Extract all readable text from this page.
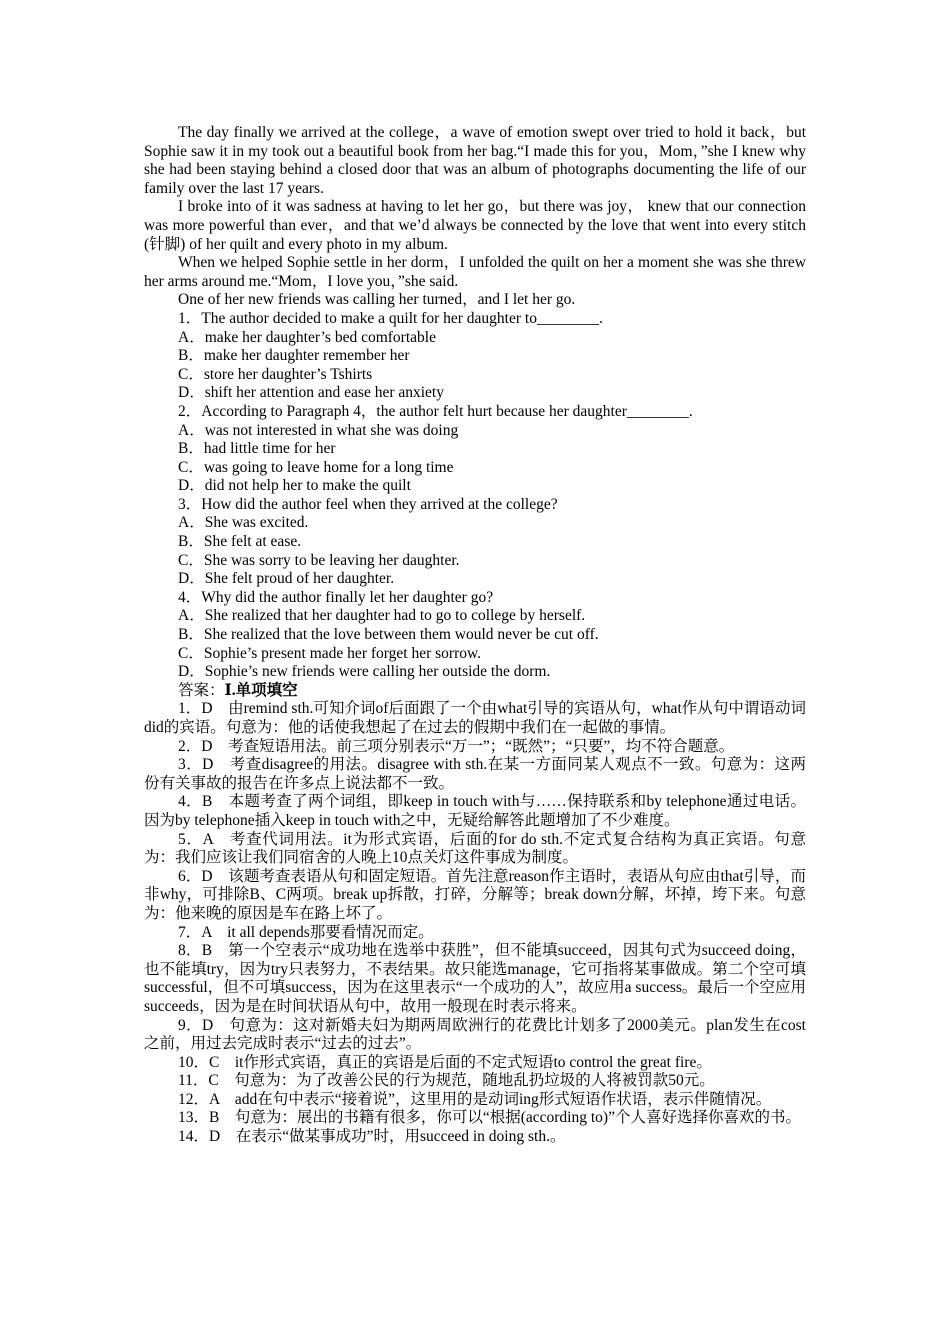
The day finally we arrived at the college，a wave of emotion swept over tried to hold it back，but Sophie saw it in my took out a beautiful book from her bag.“I made this for you，Mom，”she I knew why she had been staying behind a closed door that was an album of photographs documenting the life of our family over the last 17 years.

I broke into of it was sadness at having to let her go，but there was joy， knew that our connection was more powerful than ever，and that we’d always be connected by the love that went into every stitch (针脚) of her quilt and every photo in my album.

When we helped Sophie settle in her dorm，I unfolded the quilt on her a moment she was she threw her arms around me.“Mom，I love you，”she said.

One of her new friends was calling her turned，and I let her go.

1．The author decided to make a quilt for her daughter to________.

A．make her daughter’s bed comfortable

B．make her daughter remember her

C．store her daughter’s Tshirts

D．shift her attention and ease her anxiety

2．According to Paragraph 4，the author felt hurt because her daughter________.

A．was not interested in what she was doing

B．had little time for her

C．was going to leave home for a long time

D．did not help her to make the quilt

3．How did the author feel when they arrived at the college?

A．She was excited.

B．She felt at ease.

C．She was sorry to be leaving her daughter.

D．She felt proud of her daughter.

4．Why did the author finally let her daughter go?

A．She realized that her daughter had to go to college by herself.

B．She realized that the love between them would never be cut off.

C．Sophie’s present made her forget her sorrow.

D．Sophie’s new friends were calling her outside the dorm.

答案：Ⅰ.单项填空

1．D　由remind sth.可知介词of后面跟了一个由what引导的宾语从句，what作从句中谓语动词did的宾语。句意为：他的话使我想起了在过去的假期中我们在一起做的事情。

2．D　考查短语用法。前三项分别表示“万一”；“既然”；“只要”，均不符合题意。

3．D　考查disagree的用法。disagree with sth.在某一方面同某人观点不一致。句意为：这两份有关事故的报告在许多点上说法都不一致。

4．B　本题考查了两个词组，即keep in touch with与……保持联系和by telephone通过电话。因为by telephone插入keep in touch with之中，无疑给解答此题增加了不少难度。

5．A　考查代词用法。it为形式宾语，后面的for do sth.不定式复合结构为真正宾语。句意为：我们应该让我们同宿舍的人晚上10点关灯这件事成为制度。

6．D　该题考查表语从句和固定短语。首先注意reason作主语时，表语从句应由that引导，而非why，可排除B、C两项。break up拆散，打碎，分解等；break down分解，坏掉，垮下来。句意为：他来晚的原因是车在路上坏了。

7．A　it all depends那要看情况而定。

8．B　第一个空表示“成功地在选举中获胜”，但不能填succeed，因其句式为succeed doing，也不能填try，因为try只表努力，不表结果。故只能选manage，它可指将某事做成。第二个空可填successful，但不可填success，因为在这里表示“一个成功的人”，故应用a success。最后一个空应用succeeds，因为是在时间状语从句中，故用一般现在时表示将来。

9．D　句意为：这对新婚夫妇为期两周欧洲行的花费比计划多了2000美元。plan发生在cost之前，用过去完成时表示“过去的过去”。

10．C　it作形式宾语，真正的宾语是后面的不定式短语to control the great fire。

11．C　句意为：为了改善公民的行为规范，随地乱扔垃圾的人将被罚款50元。

12．A　add在句中表示“接着说”，这里用的是动词ing形式短语作状语，表示伴随情况。

13．B　句意为：展出的书籍有很多，你可以“根据(according to)”个人喜好选择你喜欢的书。

14．D　在表示“做某事成功”时，用succeed in doing sth.。
